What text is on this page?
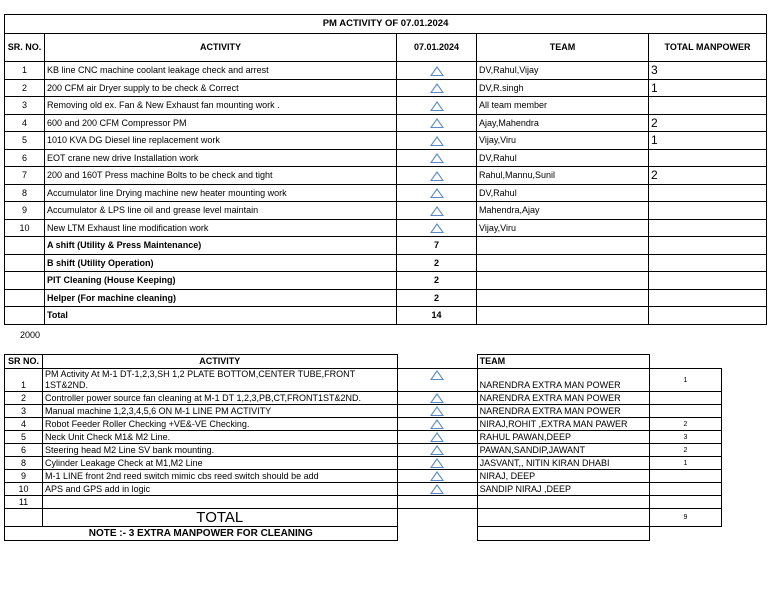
PM ACTIVITY OF 07.01.2024				
SR. NO.	ACTIVITY	07.01.2024	TEAM	TOTAL MANPOWER
1	KB line CNC machine coolant leakage check and arrest		DV,Rahul,Vijay	3
2	200 CFM air Dryer supply to be check & Correct		DV,R.singh	1
3	Removing old ex. Fan & New Exhaust fan mounting work .		All team member	
4	600 and 200 CFM Compressor PM		Ajay,Mahendra	2
5	1010 KVA DG Diesel line replacement work		Vijay,Viru	1
6	EOT crane new drive Installation work		DV,Rahul	
7	200 and 160T Press machine Bolts to be check and tight		Rahul,Mannu,Sunil	2
8	Accumulator line Drying machine new heater mounting work		DV,Rahul	
9	Accumulator & LPS line oil and grease level maintain		Mahendra,Ajay	
10	New LTM Exhaust line modification work		Vijay,Viru	
	A shift (Utility & Press Maintenance)	7		
	B shift (Utility Operation)	2		
	PIT Cleaning (House Keeping)	2		
	Helper (For machine cleaning)	2		
	Total	14		
2000
SR NO.	ACTIVITY		TEAM	
1	PM Activity At M-1 DT-1,2,3,SH 1,2 PLATE BOTTOM,CENTER TUBE,FRONT 1ST&2ND.		NARENDRA EXTRA MAN POWER	1
2	Controller power source fan cleaning at M-1 DT 1,2,3,PB,CT,FRONT1ST&2ND.		NARENDRA EXTRA MAN POWER	
3	Manual machine 1,2,3,4,5,6 ON M-1 LINE PM ACTIVITY		NARENDRA EXTRA MAN POWER	
4	Robot Feeder Roller Checking +VE&-VE Checking.		NIRAJ,ROHIT ,EXTRA MAN PAWER	2
5	Neck Unit Check M1& M2 Line.		RAHUL PAWAN,DEEP	3
6	Steering head M2 Line SV bank mounting.		PAWAN,SANDIP,JAWANT	2
8	Cylinder Leakage Check at M1,M2 Line		JASVANT,, NITIN KIRAN DHABI	1
9	M-1 LINE front 2nd reed switch mimic cbs reed switch should be add		NIRAJ, DEEP	
10	APS and GPS add in logic		SANDIP NIRAJ ,DEEP	
11				
	TOTAL			9
NOTE :- 3 EXTRA MANPOWER FOR CLEANING				
